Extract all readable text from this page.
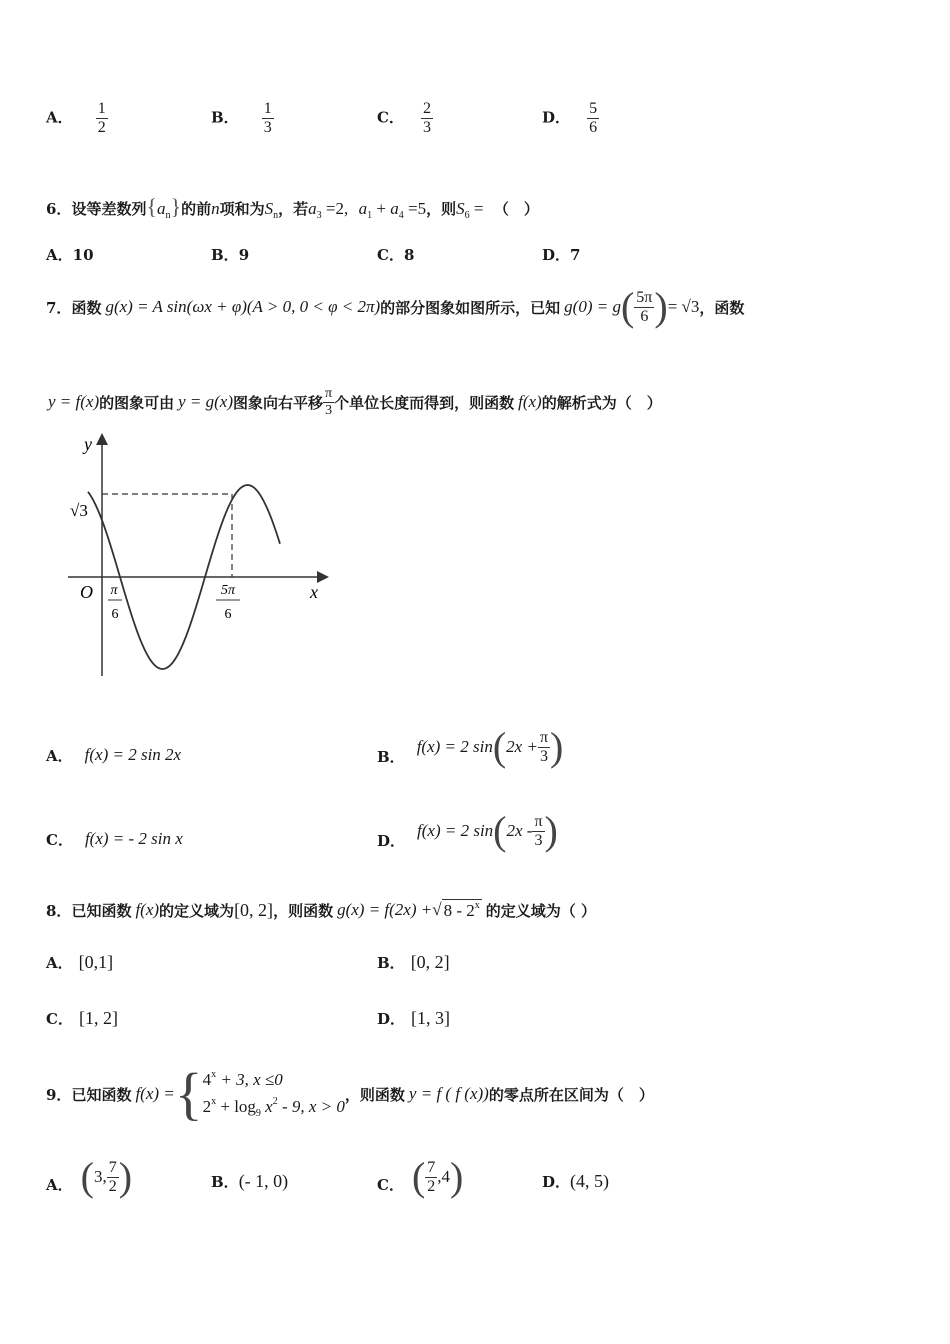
A． $\frac{1}{2}$	B． $\frac{1}{3}$	C． $\frac{2}{3}$	D． $\frac{5}{6}$
6．设等差数列$\{a_n\}$的前n项和为$S_n$，若$a_3 =2$, $a_1 + a_4 =5$，则$S_6$ = （　）
A．10	B．9	C．8	D．7
7． 函数 g(x) = A sin(ωx + φ)(A > 0, 0 < φ < 2π) 的部分图象如图所示，已知 g(0) = g ( $\frac{5\pi}{6}$ ) = √3 ，函数
y = f(x) 的图象可由 y = g(x) 图象向右平移 $\frac{\pi}{3}$ 个单位长度而得到，则函数 f(x) 的解析式为（　）
y
x
O
√3
π
6
5π
6
A． f(x) = 2 sin 2x	B．
f(x) = 2 sin ( $2x + \frac{\pi}{3}$ )
C． f(x) = - 2 sin x	D．
f(x) = 2 sin ( $2x - \frac{\pi}{3}$ )
8． 已知函数 f(x) 的定义域为 [0, 2] ，则函数 g(x) = f(2x) + √ 8 - 2$^x$ 的定义域为（ ）
A． [0,1]	B． [0, 2]
C． [1, 2]	D． [1, 3]
9． 已知函数 f(x) = { $4^x + 3$, x ≤0
$2^x + \log_9 x^2 - 9$, x > 0
，则函数 y = f ( f (x)) 的零点所在区间为（　）
A． ( 3, $\frac{7}{2}$ )	B． (- 1, 0)	C． ( $\frac{7}{2} ,4$ )	D． (4, 5)
